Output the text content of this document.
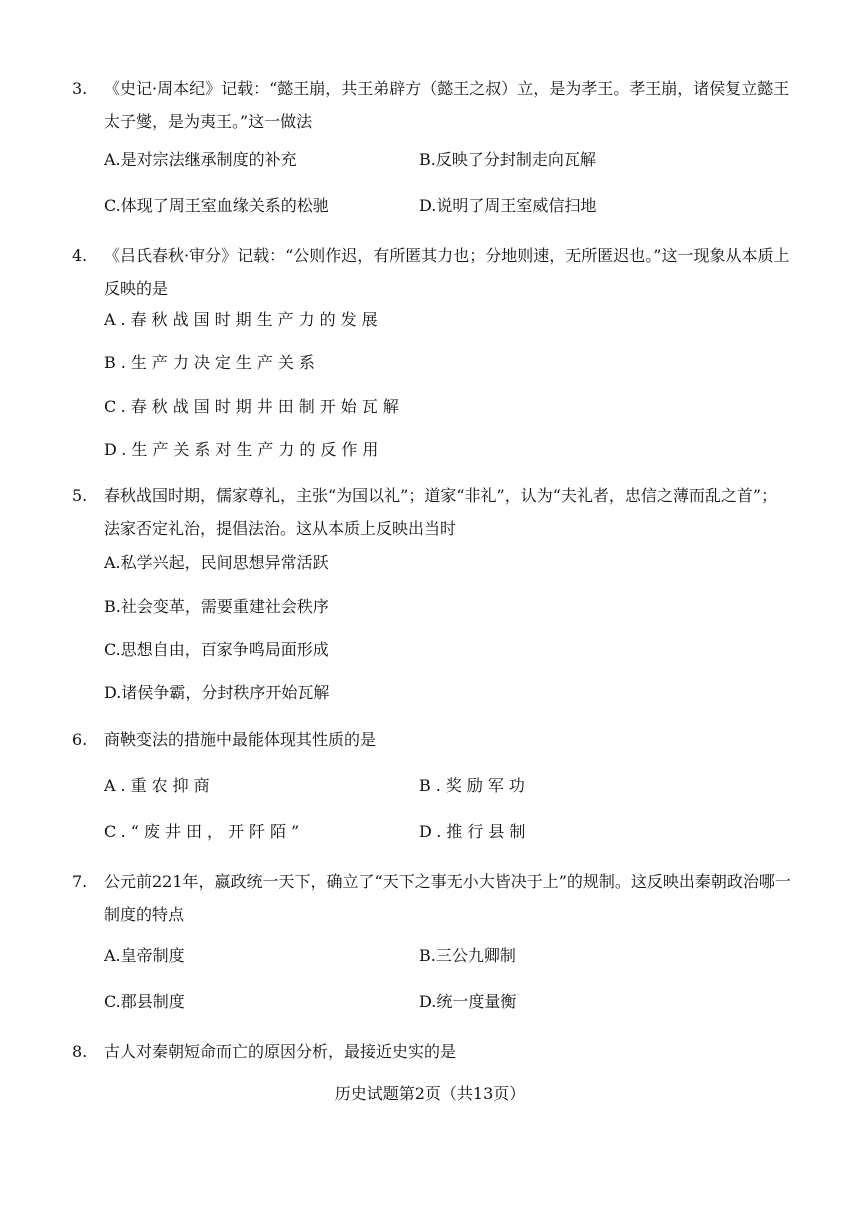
3. 《史记·周本纪》记载：“懿王崩，共王弟辟方（懿王之叔）立，是为孝王。孝王崩，诸侯复立懿王太子燮，是为夷王。”这一做法
A.是对宗法继承制度的补充	B.反映了分封制走向瓦解
C.体现了周王室血缘关系的松驰	D.说明了周王室威信扫地
4. 《吕氏春秋·审分》记载：“公则作迟，有所匿其力也；分地则速，无所匿迟也。”这一现象从本质上反映的是
A.春秋战国时期生产力的发展
B.生产力决定生产关系
C.春秋战国时期井田制开始瓦解
D.生产关系对生产力的反作用
5. 春秋战国时期，儒家尊礼，主张“为国以礼”；道家“非礼”，认为“夫礼者，忠信之薄而乱之首”；法家否定礼治，提倡法治。这从本质上反映出当时
A.私学兴起，民间思想异常活跃
B.社会变革，需要重建社会秩序
C.思想自由，百家争鸣局面形成
D.诸侯争霸，分封秩序开始瓦解
6. 商鞅变法的措施中最能体现其性质的是
A.重农抑商	B.奖励军功
C.“废井田，开阡陌”	D.推行县制
7. 公元前221年，嬴政统一天下，确立了“天下之事无小大皆决于上”的规制。这反映出秦朝政治哪一制度的特点
A.皇帝制度	B.三公九卿制
C.郡县制度	D.统一度量衡
8. 古人对秦朝短命而亡的原因分析，最接近史实的是
历史试题第2页（共13页）
